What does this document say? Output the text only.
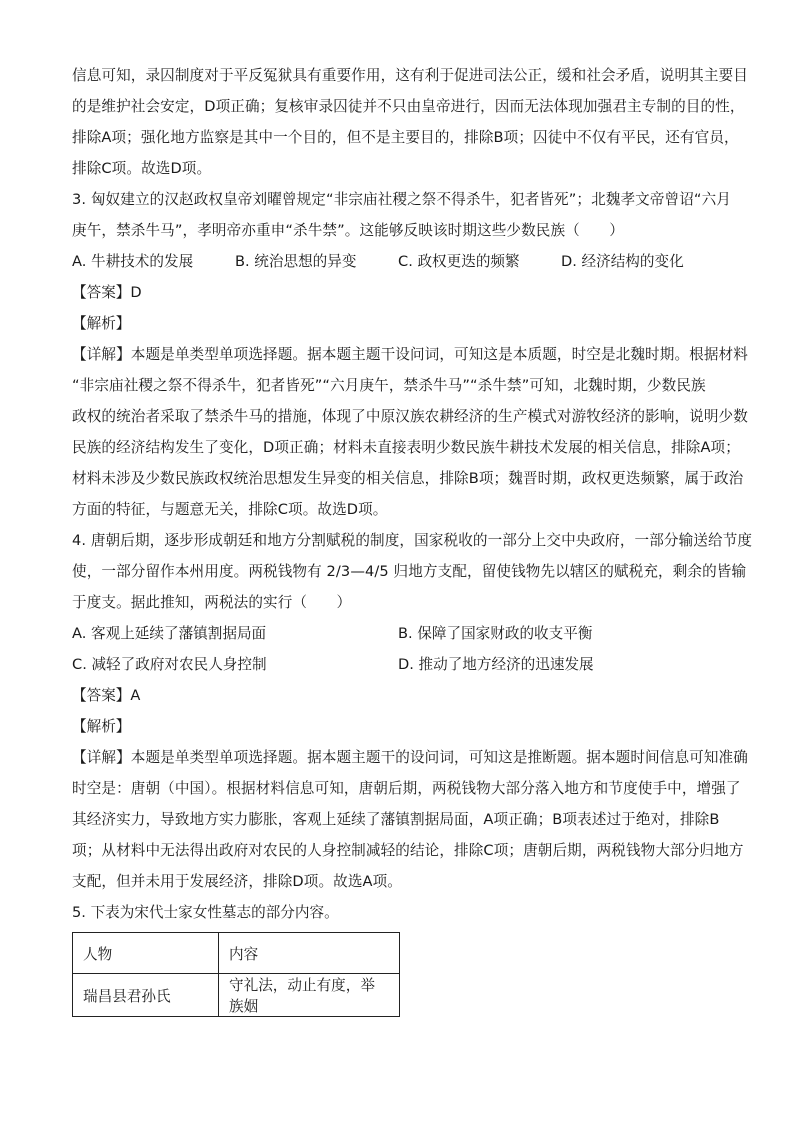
信息可知，录囚制度对于平反冤狱具有重要作用，这有利于促进司法公正，缓和社会矛盾，说明其主要目
的是维护社会安定，D项正确；复核审录囚徒并不只由皇帝进行，因而无法体现加强君主专制的目的性，
排除A项；强化地方监察是其中一个目的，但不是主要目的，排除B项；囚徒中不仅有平民，还有官员，
排除C项。故选D项。

3. 匈奴建立的汉赵政权皇帝刘曜曾规定“非宗庙社稷之祭不得杀牛，犯者皆死”；北魏孝文帝曾诏“六月
庚午，禁杀牛马”，孝明帝亦重申“杀牛禁”。这能够反映该时期这些少数民族（　　）

A. 牛耕技术的发展	B. 统治思想的异变	C. 政权更迭的频繁	D. 经济结构的变化

【答案】D

【解析】

【详解】本题是单类型单项选择题。据本题主题干设问词，可知这是本质题，时空是北魏时期。根据材料
“非宗庙社稷之祭不得杀牛，犯者皆死”“六月庚午，禁杀牛马”“杀牛禁”可知，北魏时期，少数民族
政权的统治者采取了禁杀牛马的措施，体现了中原汉族农耕经济的生产模式对游牧经济的影响，说明少数
民族的经济结构发生了变化，D项正确；材料未直接表明少数民族牛耕技术发展的相关信息，排除A项；
材料未涉及少数民族政权统治思想发生异变的相关信息，排除B项；魏晋时期，政权更迭频繁，属于政治
方面的特征，与题意无关，排除C项。故选D项。

4. 唐朝后期，逐步形成朝廷和地方分割赋税的制度，国家税收的一部分上交中央政府，一部分输送给节度
使，一部分留作本州用度。两税钱物有 2/3—4/5 归地方支配，留使钱物先以辖区的赋税充，剩余的皆输
于度支。据此推知，两税法的实行（　　）

A. 客观上延续了藩镇割据局面	B. 保障了国家财政的收支平衡
C. 减轻了政府对农民人身控制	D. 推动了地方经济的迅速发展

【答案】A

【解析】

【详解】本题是单类型单项选择题。据本题主题干的设问词，可知这是推断题。据本题时间信息可知准确
时空是：唐朝（中国）。根据材料信息可知，唐朝后期，两税钱物大部分落入地方和节度使手中，增强了
其经济实力，导致地方实力膨胀，客观上延续了藩镇割据局面，A项正确；B项表述过于绝对，排除B
项；从材料中无法得出政府对农民的人身控制减轻的结论，排除C项；唐朝后期，两税钱物大部分归地方
支配，但并未用于发展经济，排除D项。故选A项。

5. 下表为宋代士家女性墓志的部分内容。

人物	内容
瑞昌县君孙氏	守礼法，动止有度，举族姻
